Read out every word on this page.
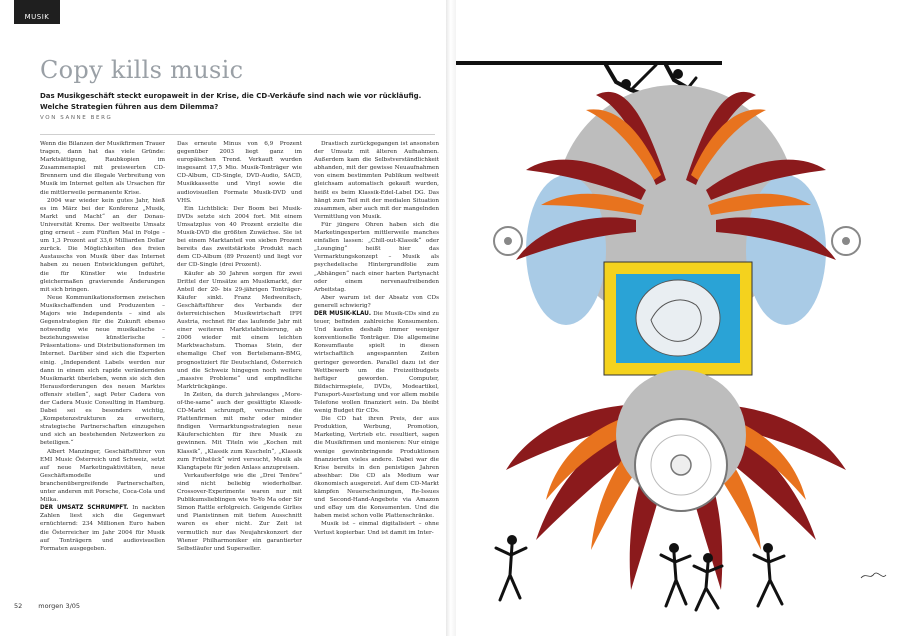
MUSIK
Copy kills music
Das Musikgeschäft steckt europaweit in der Krise, die CD-Verkäufe sind nach wie vor rückläufig. Welche Strategien führen aus dem Dilemma?
VON SANNE BERG

Wenn die Bilanzen der Musikfirmen Trauer tragen, dann hat das viele Gründe: Marktsättigung, Raubkopien im Zusammenspiel mit preiswerten CD-Brennern und die illegale Verbreitung von Musik im Internet gelten als Ursachen für die mittlerweile permanente Krise.

2004 war wieder kein gutes Jahr, hieß es im März bei der Konferenz „Musik, Markt und Macht“ an der Donau-Universität Krems. Der weltweite Umsatz ging erneut – zum Fünften Mal in Folge – um 1,3 Prozent auf 33,6 Milliarden Dollar zurück. Die Möglichkeiten des freien Austauschs von Musik über das Internet haben zu neuen Entwicklungen geführt, die für Künstler wie Industrie gleichermaßen gravierende Änderungen mit sich bringen.

Neue Kommunikationsformen zwischen Musikschaffenden und Produzenten – Majors wie Independents – sind als Gegenstrategien für die Zukunft ebenso notwendig wie neue musikalische – beziehungsweise künstlerische – Präsentations- und Distributionsformen im Internet. Darüber sind sich die Experten einig. „Independent Labels werden nur dann in einem sich rapide verändernden Musikmarkt überleben, wenn sie sich den Herausforderungen des neuen Marktes offensiv stellen“, sagt Peter Cadera von der Cadera Music Consulting in Hamburg. Dabei sei es besonders wichtig, „Kompetenzstrukturen zu erweitern, strategische Partnerschaften einzugehen und sich an bestehenden Netzwerken zu beteiligen.“

Albert Manzinger, Geschäftsführer von EMI Music Österreich und Schweiz, setzt auf neue Marketingaktivitäten, neue Geschäftsmodelle und branchenübergreifende Partnerschaften, unter anderen mit Porsche, Coca-Cola und Milka.

DER UMSATZ SCHRUMPFT. In nackten Zahlen liest sich die Gegenwart ernüchternd: 234 Millionen Euro haben die Österreicher im Jahr 2004 für Musik auf Tonträgern und audiovisuellen Formaten ausgegeben.

Das erneute Minus von 6,9 Prozent gegenüber 2003 liegt ganz im europäischen Trend. Verkauft wurden insgesamt 17,5 Mio. Musik-Tonträger wie CD-Album, CD-Single, DVD-Audio, SACD, Musikkassette und Vinyl sowie die audiovisuellen Formate Musik-DVD und VHS.

Ein Lichtblick: Der Boom bei Musik-DVDs setzte sich 2004 fort. Mit einem Umsatzplus von 40 Prozent erzielte die Musik-DVD die größten Zuwächse. Sie ist bei einem Marktanteil von sieben Prozent bereits das zweitstärkste Produkt nach dem CD-Album (89 Prozent) und liegt vor der CD-Single (drei Prozent).

Käufer ab 30 Jahren sorgen für zwei Drittel der Umsätze am Musikmarkt, der Anteil der 20- bis 29-jährigen Tonträger-Käufer sinkt. Franz Medwenitsch, Geschäftsführer des Verbands der österreichischen Musikwirtschaft IFPI Austria, rechnet für das laufende Jahr mit einer weiteren Marktstabilisierung, ab 2006 wieder mit einem leichten Marktwachstum. Thomas Stein, der ehemalige Chef von Bertelsmann-BMG, prognostiziert für Deutschland, Österreich und die Schweiz hingegen noch weitere „massive Probleme“ und empfindliche Marktrückgänge.

In Zeiten, da durch jahrelanges „More-of-the-same“ auch der gesättigte Klassik-CD-Markt schrumpft, versuchen die Plattenfirmen mit mehr oder minder findigen Vermarktungsstrategien neue Käuferschichten für ihre Musik zu gewinnen. Mit Titeln wie „Kochen mit Klassik“, „Klassik zum Kuscheln“, „Klassik zum Frühstück“ wird versucht, Musik als Klangtapete für jeden Anlass anzupreisen.

Verkaufserfolge wie die „Drei Tenöre“ sind nicht beliebig wiederholbar. Crossover-Experimente waren nur mit Publikumslieblingen wie Yo-Yo Ma oder Sir Simon Rattle erfolgreich. Geigende Girlies und Pianistinnen mit tiefem Ausschnitt waren es eher nicht. Zur Zeit ist vermutlich nur das Neujahrskonzert der Wiener Philharmoniker ein garantierter Selbstläufer und Superseller.

Drastisch zurückgegangen ist ansonsten der Umsatz mit älteren Aufnahmen. Außerdem kam die Selbstverständlichkeit abhanden, mit der gewisse Neuaufnahmen von einem bestimmten Publikum weltweit gleichsam automatisch gekauft wurden, heißt es beim Klassik-Edel-Label DG. Das hängt zum Teil mit der medialen Situation zusammen, aber auch mit der mangelnden Vermittlung von Musik.

Für jüngere Ohren haben sich die Marketingexperten mittlerweile manches einfallen lassen: „Chill-out-Klassik“ oder „Lounging“ heißt hier das Vermarktungskonzept – Musik als psychedelische Hintergrundfolie zum „Abhängen“ nach einer harten Partynacht oder einem nervenaufreibenden Arbeitstag.

Aber warum ist der Absatz von CDs generell schwierig?

DER MUSIK-KLAU. Die Musik-CDs sind zu teuer, befinden zahlreiche Konsumenten. Und kaufen deshalb immer weniger konventionelle Tonträger. Die allgemeine Konsumflaute spielt in diesen wirtschaftlich angespannten Zeiten geringer geworden. Parallel dazu ist der Wettbewerb um die Freizeitbudgets heftiger geworden. Computer, Bildschirmspiele, DVDs, Modeartikel, Funsport-Ausrüstung und vor allem mobile Telefone wollen finanziert sein. Da bleibt wenig Budget für CDs.

Die CD hat ihren Preis, der aus Produktion, Werbung, Promotion, Marketing, Vertrieb etc. resultiert, sagen die Musikfirmen und monieren: Nur einige wenige gewinnbringende Produktionen finanzierten vieles andere. Dabei war die Krise bereits in den penistigen Jahren absehbar: Die CD als Medium war ökonomisch ausgereizt. Auf dem CD-Markt kämpfen Neuerscheinungen, Re-Issues und Second-Hand-Angebote via Amazon und eBay um die Konsumenten. Und die haben meist schon volle Plattenschränke.

Musik ist – einmal digitalisiert – ohne Verlust kopierbar. Und ist damit im Inter-

52 morgen 3/05
